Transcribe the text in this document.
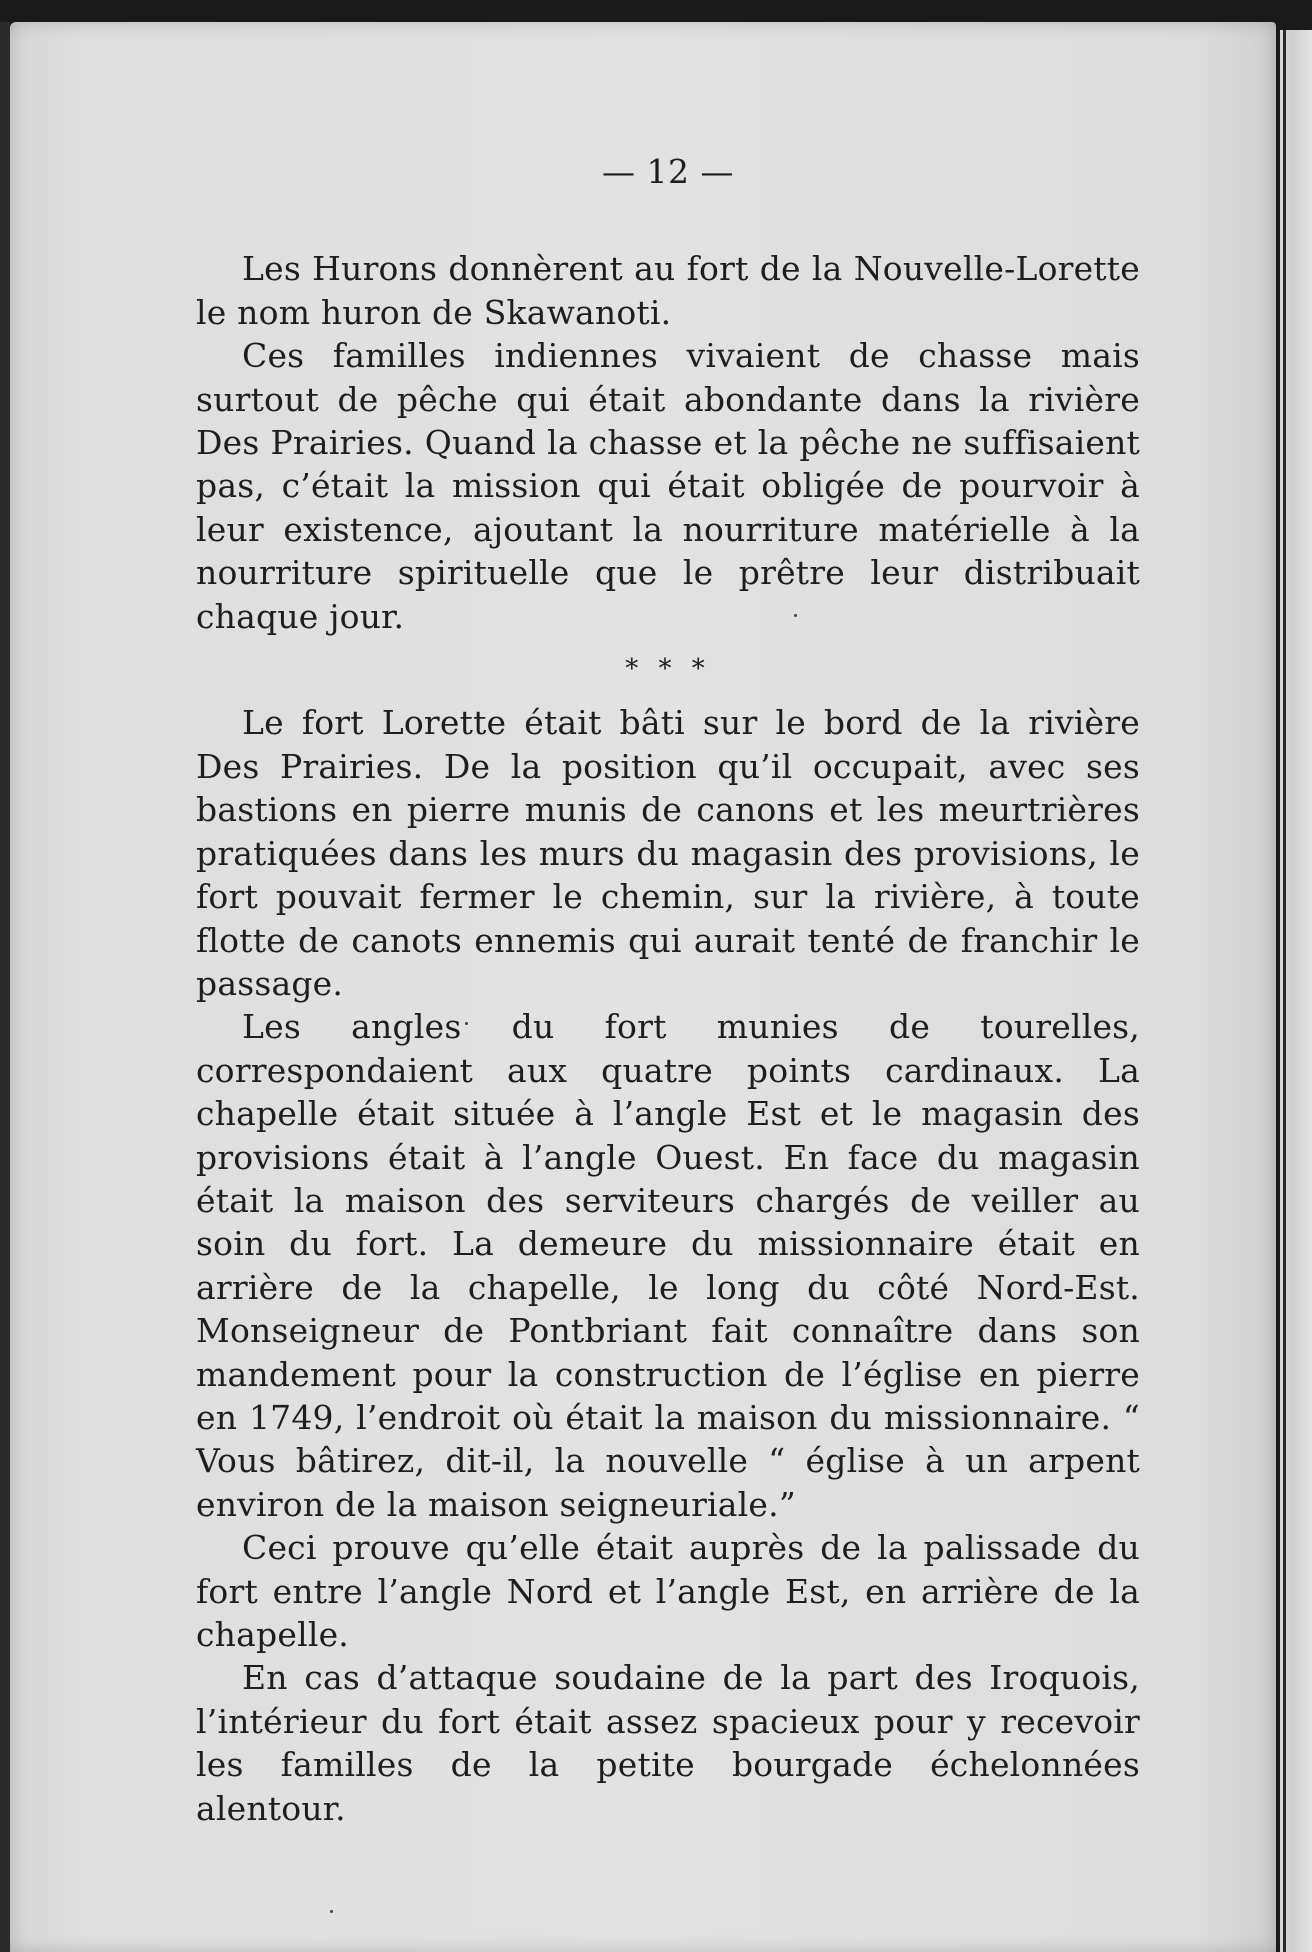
— 12 —

Les Hurons donnèrent au fort de la Nouvelle-Lorette le nom huron de Skawanoti.

Ces familles indiennes vivaient de chasse mais surtout de pêche qui était abondante dans la rivière Des Prairies. Quand la chasse et la pêche ne suffisaient pas, c’était la mission qui était obligée de pourvoir à leur existence, ajoutant la nourriture matérielle à la nourriture spirituelle que le prêtre leur distribuait chaque jour.

* * *

Le fort Lorette était bâti sur le bord de la rivière Des Prairies. De la position qu’il occupait, avec ses bastions en pierre munis de canons et les meurtrières pratiquées dans les murs du magasin des provisions, le fort pouvait fermer le chemin, sur la rivière, à toute flotte de canots ennemis qui aurait tenté de franchir le passage.

Les angles du fort munies de tourelles, correspondaient aux quatre points cardinaux. La chapelle était située à l’angle Est et le magasin des provisions était à l’angle Ouest. En face du magasin était la maison des serviteurs chargés de veiller au soin du fort. La demeure du missionnaire était en arrière de la chapelle, le long du côté Nord-Est. Monseigneur de Pontbriant fait connaître dans son mandement pour la construction de l’église en pierre en 1749, l’endroit où était la maison du missionnaire. “ Vous bâtirez, dit-il, la nouvelle “ église à un arpent environ de la maison seigneuriale.”

Ceci prouve qu’elle était auprès de la palissade du fort entre l’angle Nord et l’angle Est, en arrière de la chapelle.

En cas d’attaque soudaine de la part des Iroquois, l’intérieur du fort était assez spacieux pour y recevoir les familles de la petite bourgade échelonnées alentour.
